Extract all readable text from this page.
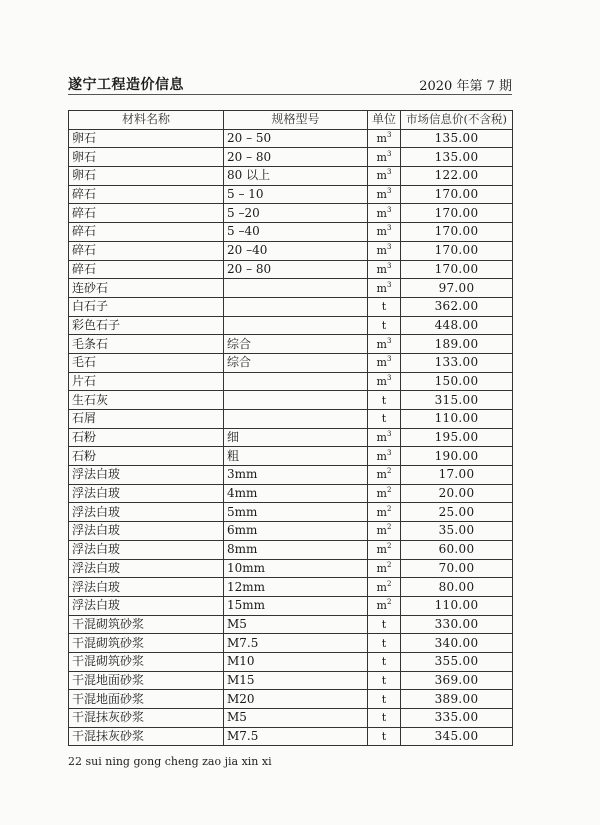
遂宁工程造价信息	2020 年第 7 期
材料名称	规格型号	单位	市场信息价(不含税)
卵石	20 – 50	$m^3$	135.00
卵石	20 – 80	$m^3$	135.00
卵石	80 以上	$m^3$	122.00
碎石	5 – 10	$m^3$	170.00
碎石	5 –20	$m^3$	170.00
碎石	5 –40	$m^3$	170.00
碎石	20 –40	$m^3$	170.00
碎石	20 – 80	$m^3$	170.00
连砂石		$m^3$	97.00
白石子		t	362.00
彩色石子		t	448.00
毛条石	综合	$m^3$	189.00
毛石	综合	$m^3$	133.00
片石		$m^3$	150.00
生石灰		t	315.00
石屑		t	110.00
石粉	细	$m^3$	195.00
石粉	粗	$m^3$	190.00
浮法白玻	3mm	$m^2$	17.00
浮法白玻	4mm	$m^2$	20.00
浮法白玻	5mm	$m^2$	25.00
浮法白玻	6mm	$m^2$	35.00
浮法白玻	8mm	$m^2$	60.00
浮法白玻	10mm	$m^2$	70.00
浮法白玻	12mm	$m^2$	80.00
浮法白玻	15mm	$m^2$	110.00
干混砌筑砂浆	M5	t	330.00
干混砌筑砂浆	M7.5	t	340.00
干混砌筑砂浆	M10	t	355.00
干混地面砂浆	M15	t	369.00
干混地面砂浆	M20	t	389.00
干混抹灰砂浆	M5	t	335.00
干混抹灰砂浆	M7.5	t	345.00
22 sui ning gong cheng zao jia xin xi
